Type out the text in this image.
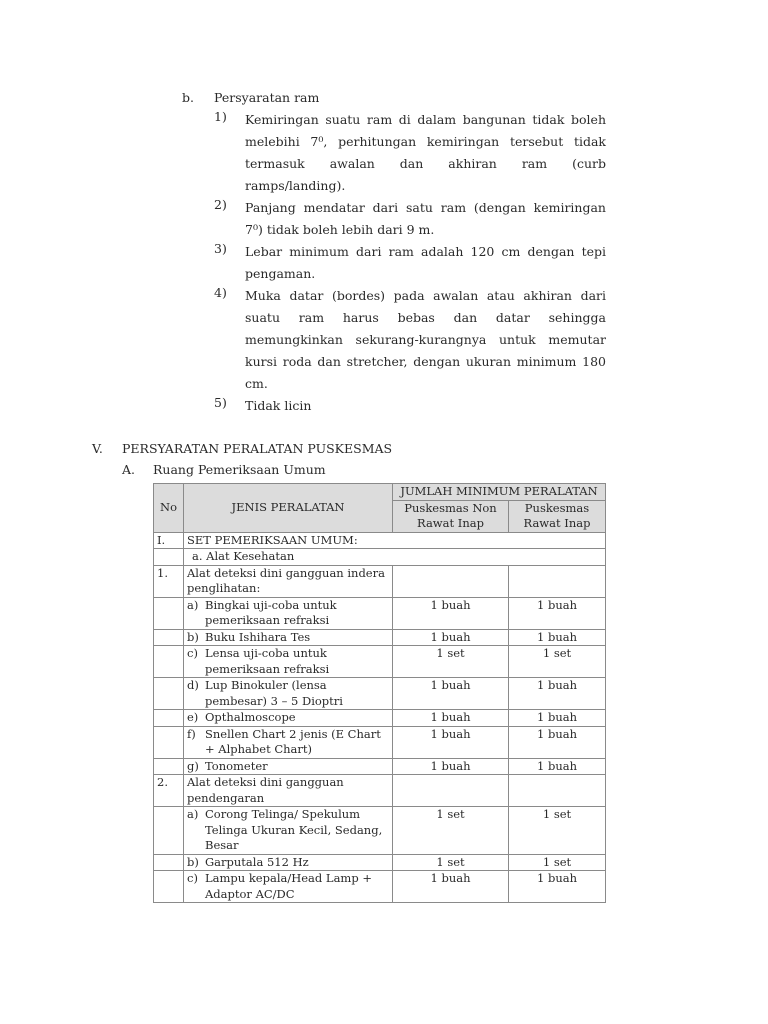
b. Persyaratan ram
1) Kemiringan suatu ram di dalam bangunan tidak boleh
melebihi 7⁰, perhitungan kemiringan tersebut tidak
termasuk awalan dan akhiran ram (curb
ramps/landing).
2) Panjang mendatar dari satu ram (dengan kemiringan
7⁰) tidak boleh lebih dari 9 m.
3) Lebar minimum dari ram adalah 120 cm dengan tepi
pengaman.
4) Muka datar (bordes) pada awalan atau akhiran dari
suatu ram harus bebas dan datar sehingga
memungkinkan sekurang-kurangnya untuk memutar
kursi roda dan stretcher, dengan ukuran minimum 180
cm.
5) Tidak licin
V. PERSYARATAN PERALATAN PUSKESMAS
A. Ruang Pemeriksaan Umum
No	JENIS PERALATAN	JUMLAH MINIMUM PERALATAN	
		Puskesmas Non Rawat Inap	Puskesmas Rawat Inap
I.	SET PEMERIKSAAN UMUM:		
	a. Alat Kesehatan		
1.	Alat deteksi dini gangguan indera penglihatan:		

	a) Bingkai uji-coba untuk pemeriksaan refraksi	1 buah	1 buah

	b) Buku Ishihara Tes	1 buah	1 buah

	c) Lensa uji-coba untuk pemeriksaan refraksi	1 set	1 set

	d) Lup Binokuler (lensa pembesar) 3 – 5 Dioptri	1 buah	1 buah

	e) Opthalmoscope	1 buah	1 buah

	f) Snellen Chart 2 jenis (E Chart + Alphabet Chart)	1 buah	1 buah

	g) Tonometer	1 buah	1 buah
2.	Alat deteksi dini gangguan pendengaran		

	a) Corong Telinga/ Spekulum Telinga Ukuran Kecil, Sedang, Besar	1 set	1 set

	b) Garputala 512 Hz	1 set	1 set

	c) Lampu kepala/Head Lamp + Adaptor AC/DC	1 buah	1 buah
